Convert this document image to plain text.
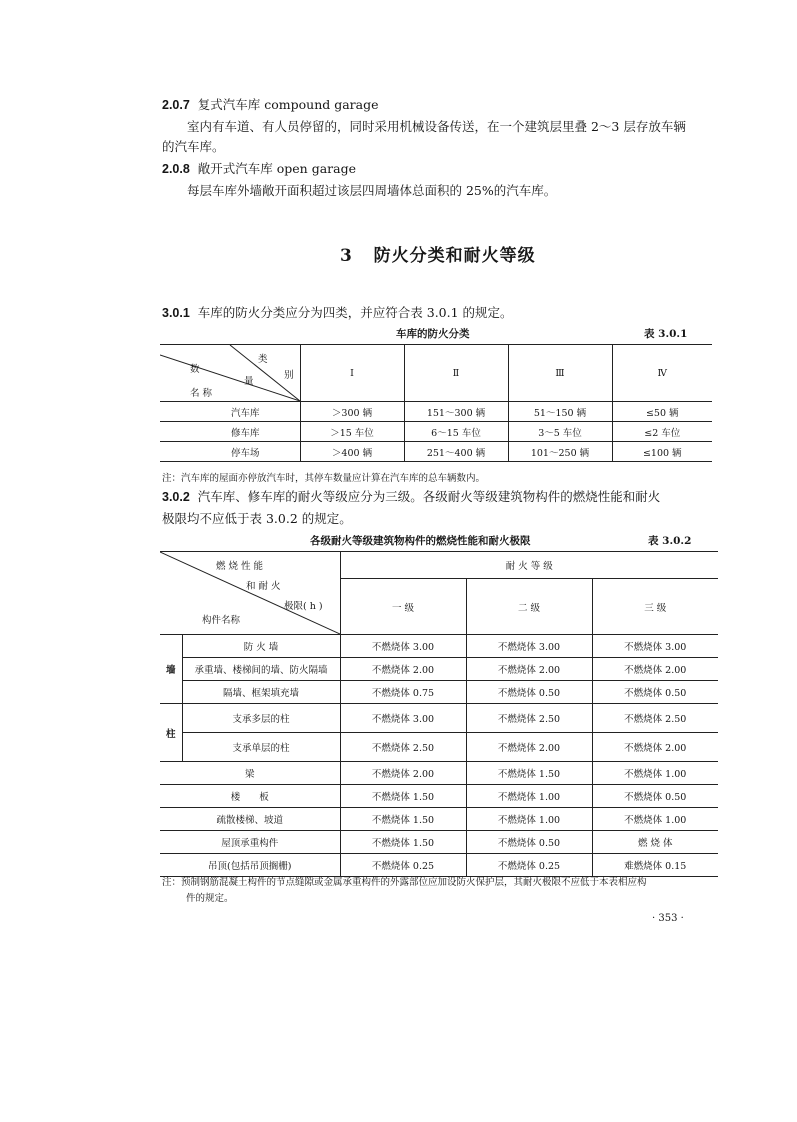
2.0.7 复式汽车库 compound garage
室内有车道、有人员停留的，同时采用机械设备传送，在一个建筑层里叠 2～3 层存放车辆
的汽车库。
2.0.8 敞开式汽车库 open garage
每层车库外墙敞开面积超过该层四周墙体总面积的 25%的汽车库。
3 防火分类和耐火等级
3.0.1 车库的防火分类应分为四类，并应符合表 3.0.1 的规定。
车库的防火分类	表 3.0.1
类
别
数
量
名 称	I	Ⅱ	Ⅲ	Ⅳ
汽车库	＞300 辆	151～300 辆	51～150 辆	≤50 辆
修车库	＞15 车位	6～15 车位	3～5 车位	≤2 车位
停车场	＞400 辆	251～400 辆	101～250 辆	≤100 辆
注：汽车库的屋面亦停放汽车时，其停车数量应计算在汽车库的总车辆数内。
3.0.2 汽车库、修车库的耐火等级应分为三级。各级耐火等级建筑物构件的燃烧性能和耐火
极限均不应低于表 3.0.2 的规定。
各级耐火等级建筑物构件的燃烧性能和耐火极限	表 3.0.2
燃 烧 性 能
和 耐 火
极限( h )
构件名称		耐 火 等 级		
		一 级	二 级	三 级
墙	防 火 墙	不燃烧体 3.00	不燃烧体 3.00	不燃烧体 3.00
	承重墙、楼梯间的墙、防火隔墙	不燃烧体 2.00	不燃烧体 2.00	不燃烧体 2.00
	隔墙、框架填充墙	不燃烧体 0.75	不燃烧体 0.50	不燃烧体 0.50
柱	支承多层的柱	不燃烧体 3.00	不燃烧体 2.50	不燃烧体 2.50
	支承单层的柱	不燃烧体 2.50	不燃烧体 2.00	不燃烧体 2.00
梁		不燃烧体 2.00	不燃烧体 1.50	不燃烧体 1.00
楼　　板		不燃烧体 1.50	不燃烧体 1.00	不燃烧体 0.50
疏散楼梯、坡道		不燃烧体 1.50	不燃烧体 1.00	不燃烧体 1.00
屋顶承重构件		不燃烧体 1.50	不燃烧体 0.50	燃 烧 体
吊顶(包括吊顶搁栅)		不燃烧体 0.25	不燃烧体 0.25	难燃烧体 0.15
注：预制钢筋混凝土构件的节点缝隙或金属承重构件的外露部位应加设防火保护层，其耐火极限不应低于本表相应构
件的规定。
· 353 ·
